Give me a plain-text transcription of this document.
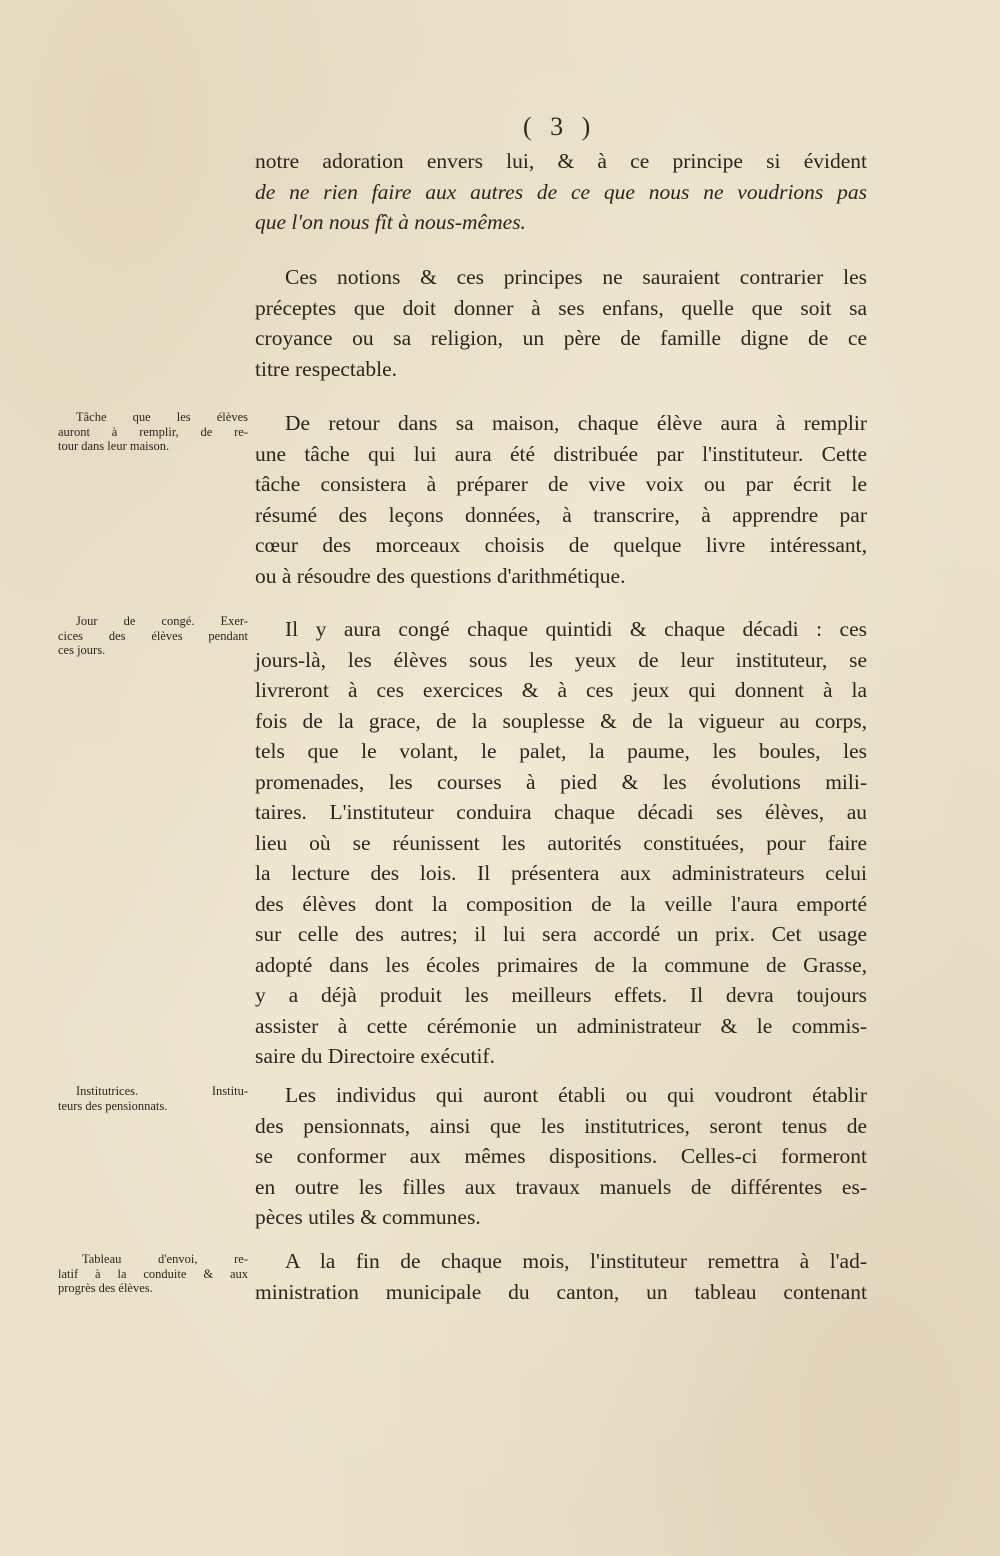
( 3 )
notre adoration envers lui, & à ce principe si évident
de ne rien faire aux autres de ce que nous ne voudrions pas
que l'on nous fît à nous-mêmes.
Ces notions & ces principes ne sauraient contrarier les
préceptes que doit donner à ses enfans, quelle que soit sa
croyance ou sa religion, un père de famille digne de ce
titre respectable.
Tâche que les élèves
auront à remplir, de re-
tour dans leur maison.
De retour dans sa maison, chaque élève aura à remplir
une tâche qui lui aura été distribuée par l'instituteur. Cette
tâche consistera à préparer de vive voix ou par écrit le
résumé des leçons données, à transcrire, à apprendre par
cœur des morceaux choisis de quelque livre intéressant,
ou à résoudre des questions d'arithmétique.
Jour de congé. Exer-
cices des élèves pendant
ces jours.
Il y aura congé chaque quintidi & chaque décadi : ces
jours-là, les élèves sous les yeux de leur instituteur, se
livreront à ces exercices & à ces jeux qui donnent à la
fois de la grace, de la souplesse & de la vigueur au corps,
tels que le volant, le palet, la paume, les boules, les
promenades, les courses à pied & les évolutions mili-
taires. L'instituteur conduira chaque décadi ses élèves, au
lieu où se réunissent les autorités constituées, pour faire
la lecture des lois. Il présentera aux administrateurs celui
des élèves dont la composition de la veille l'aura emporté
sur celle des autres; il lui sera accordé un prix. Cet usage
adopté dans les écoles primaires de la commune de Grasse,
y a déjà produit les meilleurs effets. Il devra toujours
assister à cette cérémonie un administrateur & le commis-
saire du Directoire exécutif.
Institutrices. Institu-
teurs des pensionnats.	Les individus qui auront établi ou qui voudront établir
des pensionnats, ainsi que les institutrices, seront tenus de
se conformer aux mêmes dispositions. Celles-ci formeront
en outre les filles aux travaux manuels de différentes es-
pèces utiles & communes.
Tableau d'envoi, re-
latif à la conduite & aux
progrès des élèves.
A la fin de chaque mois, l'instituteur remettra à l'ad-
ministration municipale du canton, un tableau contenant
